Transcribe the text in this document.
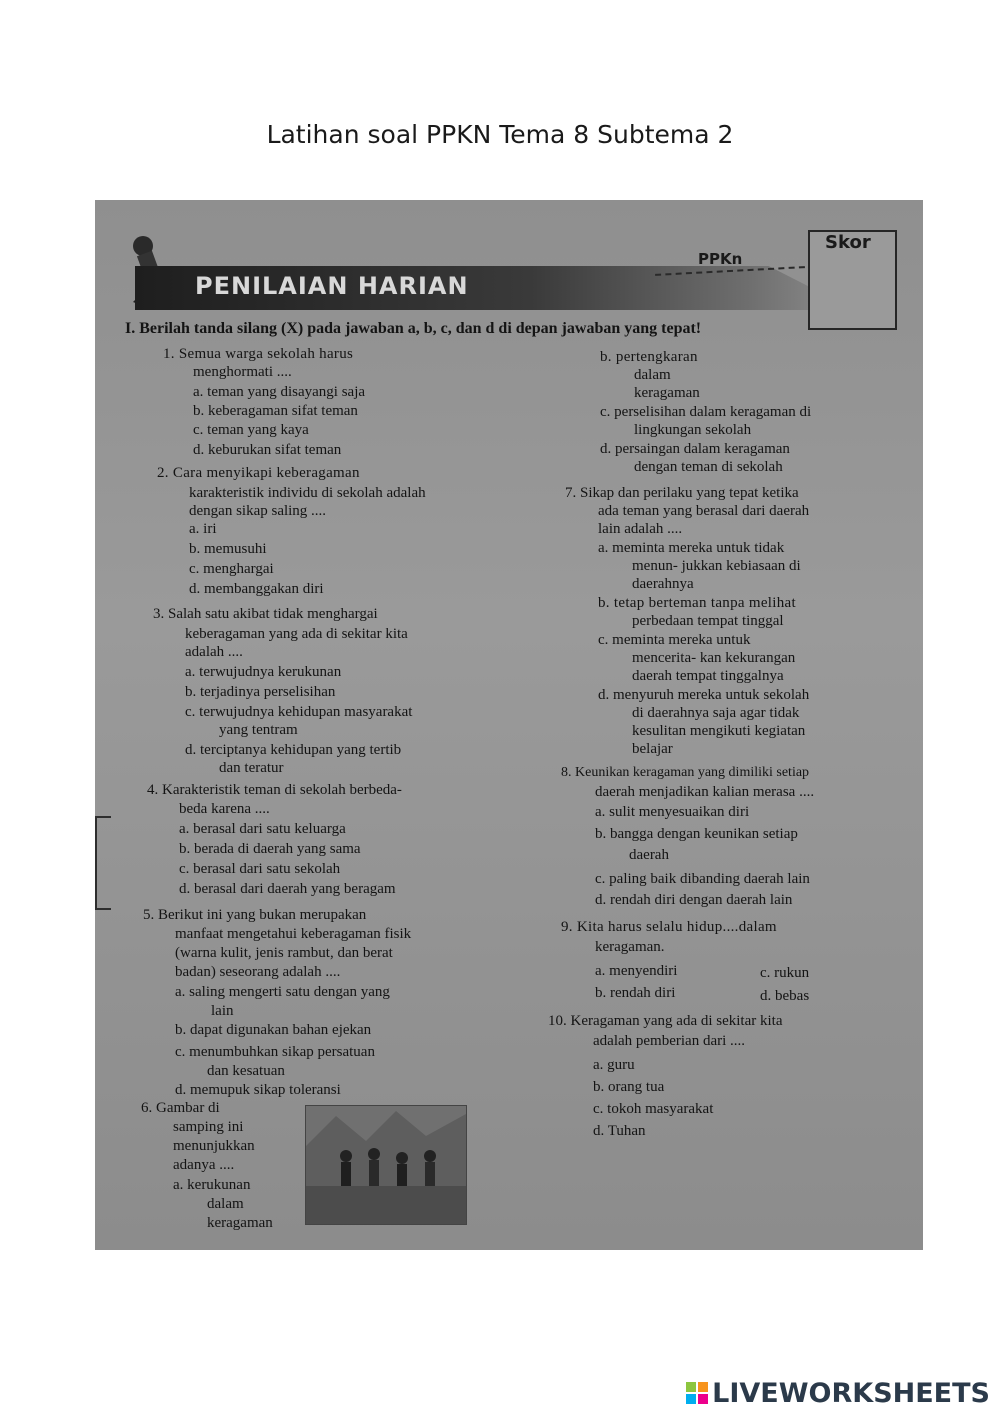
Latihan soal PPKN Tema 8 Subtema 2
PENILAIAN HARIAN
PPKn
Skor
I. Berilah tanda silang (X) pada jawaban a, b, c, dan d di depan jawaban yang tepat!
1. Semua warga sekolah harus
menghormati ....
a. teman yang disayangi saja
b. keberagaman sifat teman
c. teman yang kaya
d. keburukan sifat teman
2. Cara menyikapi keberagaman
karakteristik individu di sekolah adalah
dengan sikap saling ....
a. iri
b. memusuhi
c. menghargai
d. membanggakan diri
3. Salah satu akibat tidak menghargai
keberagaman yang ada di sekitar kita
adalah ....
a. terwujudnya kerukunan
b. terjadinya perselisihan
c. terwujudnya kehidupan masyarakat
yang tentram
d. terciptanya kehidupan yang tertib
dan teratur
4. Karakteristik teman di sekolah berbeda-
beda karena ....
a. berasal dari satu keluarga
b. berada di daerah yang sama
c. berasal dari satu sekolah
d. berasal dari daerah yang beragam
5. Berikut ini yang bukan merupakan
manfaat mengetahui keberagaman fisik
(warna kulit, jenis rambut, dan berat
badan) seseorang adalah ....
a. saling mengerti satu dengan yang
lain
b. dapat digunakan bahan ejekan
c. menumbuhkan sikap persatuan
dan kesatuan
d. memupuk sikap toleransi
6. Gambar di
samping ini
menunjukkan
adanya ....
a. kerukunan
dalam
keragaman
b. pertengkaran
dalam
keragaman
c. perselisihan dalam keragaman di
lingkungan sekolah
d. persaingan dalam keragaman
dengan teman di sekolah
7. Sikap dan perilaku yang tepat ketika
ada teman yang berasal dari daerah
lain adalah ....
a. meminta mereka untuk tidak
menun- jukkan kebiasaan di
daerahnya
b. tetap berteman tanpa melihat
perbedaan tempat tinggal
c. meminta mereka untuk
mencerita- kan kekurangan
daerah tempat tinggalnya
d. menyuruh mereka untuk sekolah
di daerahnya saja agar tidak
kesulitan mengikuti kegiatan
belajar
8. Keunikan keragaman yang dimiliki setiap
daerah menjadikan kalian merasa ....
a. sulit menyesuaikan diri
b. bangga dengan keunikan setiap
daerah
c. paling baik dibanding daerah lain
d. rendah diri dengan daerah lain
9. Kita harus selalu hidup....dalam
keragaman.
a. menyendiri	c. rukun
b. rendah diri	d. bebas
10. Keragaman yang ada di sekitar kita
adalah pemberian dari ....
a. guru
b. orang tua
c. tokoh masyarakat
d. Tuhan
LIVEWORKSHEETS
